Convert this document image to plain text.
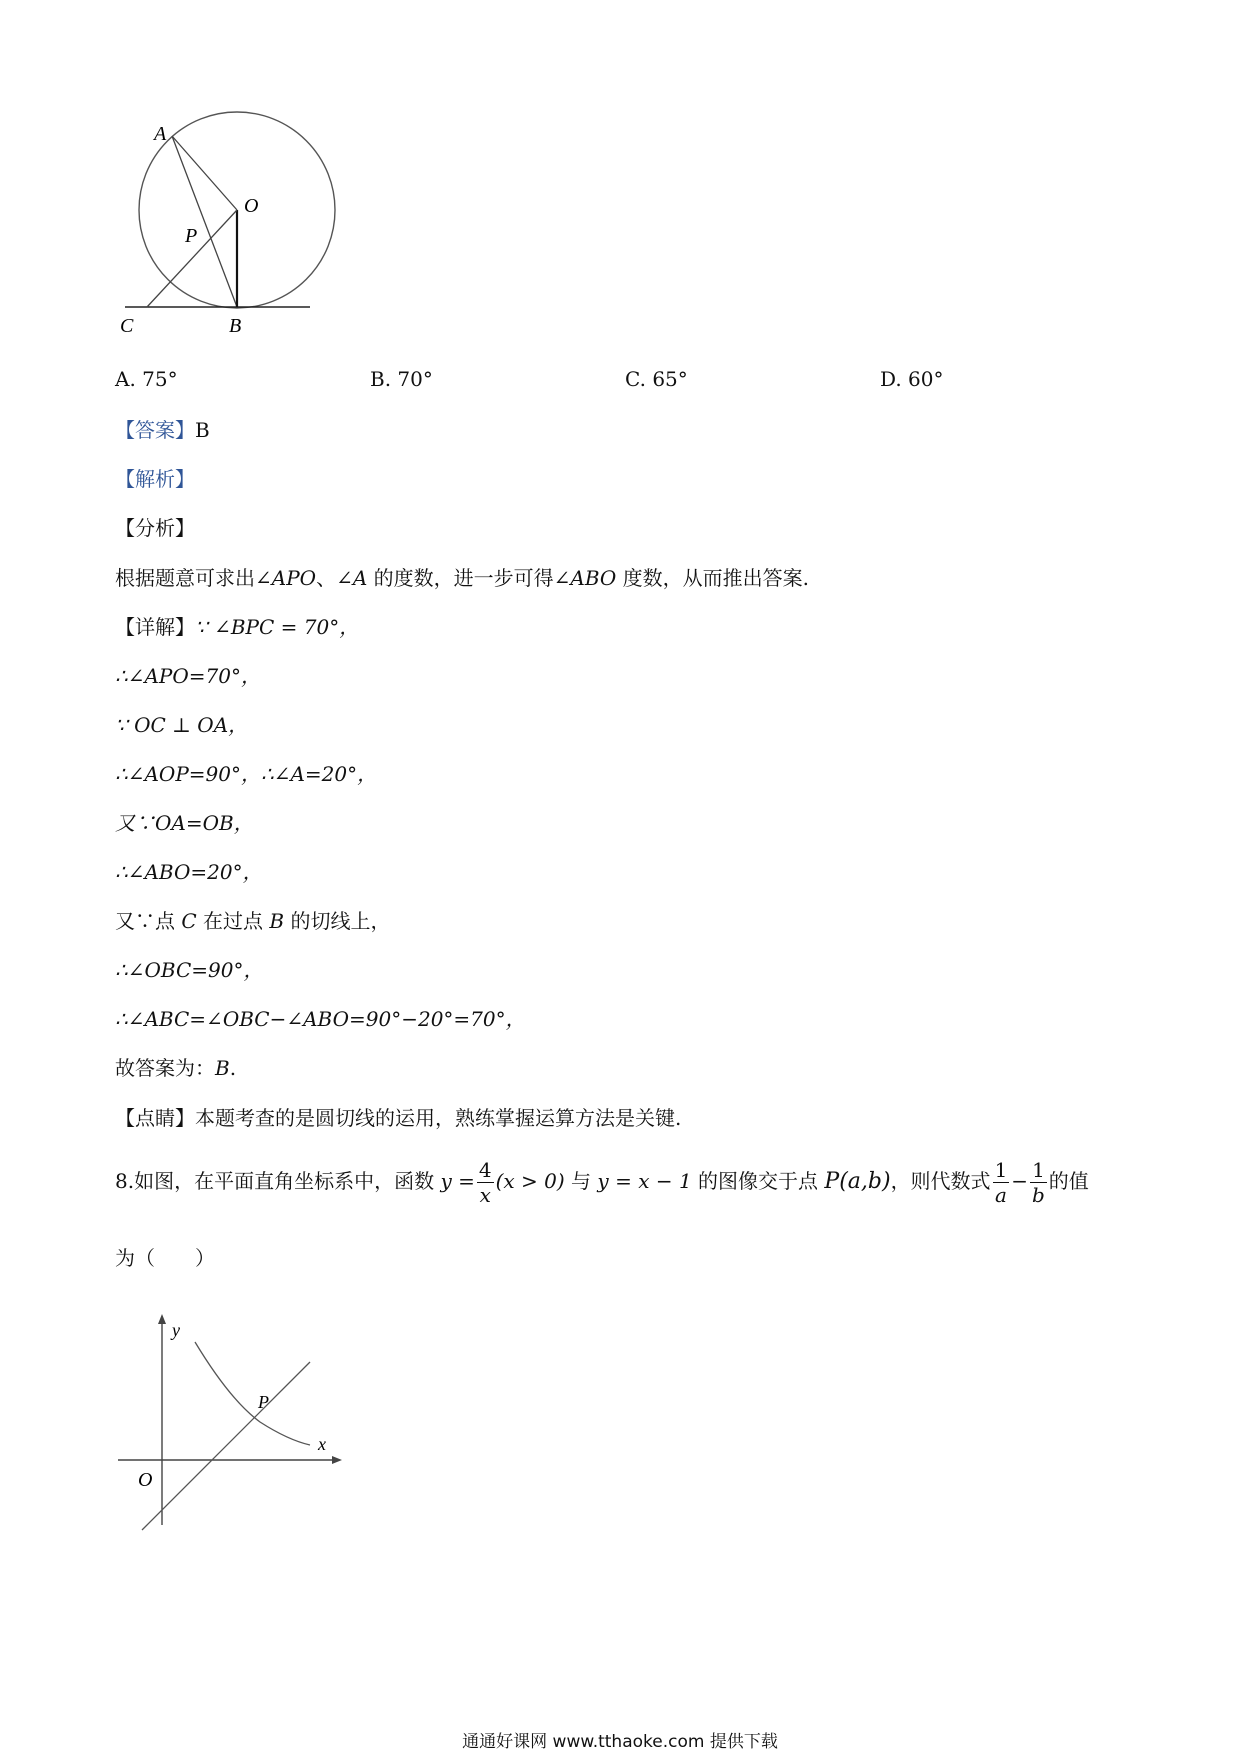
A
O
P
C	B
A. 75°	B. 70°	C. 65°	D. 60°
【答案】B
【解析】
【分析】
根据题意可求出∠APO、∠A 的度数，进一步可得∠ABO 度数，从而推出答案.
【详解】∵ ∠BPC = 70°，
∴∠APO=70°，
∵ OC ⊥ OA，
∴∠AOP=90°，∴∠A=20°，
又∵OA=OB，
∴∠ABO=20°，
又∵点 C 在过点 B 的切线上，
∴∠OBC=90°，
∴∠ABC=∠OBC−∠ABO=90°−20°=70°，
故答案为：B.
【点睛】本题考查的是圆切线的运用，熟练掌握运算方法是关键.
8.如图，在平面直角坐标系中，函数 $y = \frac{4}{x} (x > 0)$ 与 y = x − 1 的图像交于点 P(a,b)，则代数式 $\frac{1}{a} - \frac{1}{b}$ 的值
为（　　）
y
x
P
O
通通好课网 www.tthaoke.com 提供下载
